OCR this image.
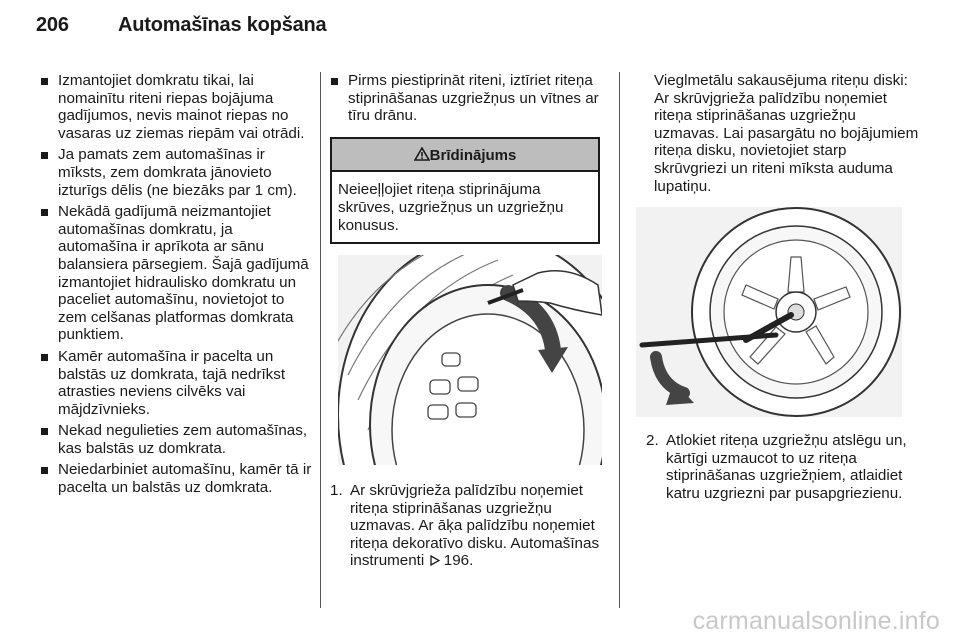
206 Automašīnas kopšana
Izmantojiet domkratu tikai, lai nomainītu riteni riepas bojājuma gadījumos, nevis mainot riepas no vasaras uz ziemas riepām vai otrādi.
Ja pamats zem automašīnas ir mīksts, zem domkrata jānovieto izturīgs dēlis (ne biezāks par 1 cm).
Nekādā gadījumā neizmantojiet automašīnas domkratu, ja automašīna ir aprīkota ar sānu balansiera pārsegiem. Šajā gadījumā izmantojiet hidraulisko domkratu un paceliet automašīnu, novietojot to zem celšanas platformas domkrata punktiem.
Kamēr automašīna ir pacelta un balstās uz domkrata, tajā nedrīkst atrasties neviens cilvēks vai mājdzīvnieks.
Nekad negulieties zem automašīnas, kas balstās uz domkrata.
Neiedarbiniet automašīnu, kamēr tā ir pacelta un balstās uz domkrata.
Pirms piestiprināt riteni, iztīriet riteņa stiprināšanas uzgriežņus un vītnes ar tīru drānu.
Brīdinājums
Neieeļļojiet riteņa stiprinājuma skrūves, uzgriežņus un uzgriežņu konusus.
1. Ar skrūvjgrieža palīdzību noņemiet riteņa stiprināšanas uzgriežņu uzmavas. Ar āķa palīdzību noņemiet riteņa dekoratīvo disku. Automašīnas instrumenti 196.

Vieglmetālu sakausējuma riteņu diski: Ar skrūvjgrieža palīdzību noņemiet riteņa stiprināšanas uzgriežņu uzmavas. Lai pasargātu no bojājumiem riteņa disku, novietojiet starp skrūvgriezi un riteni mīksta auduma lupatiņu.

2. Atlokiet riteņa uzgriežņu atslēgu un, kārtīgi uzmaucot to uz riteņa stiprināšanas uzgriežņiem, atlaidiet katru uzgriezni par pusapgriezienu.
carmanualsonline.info
